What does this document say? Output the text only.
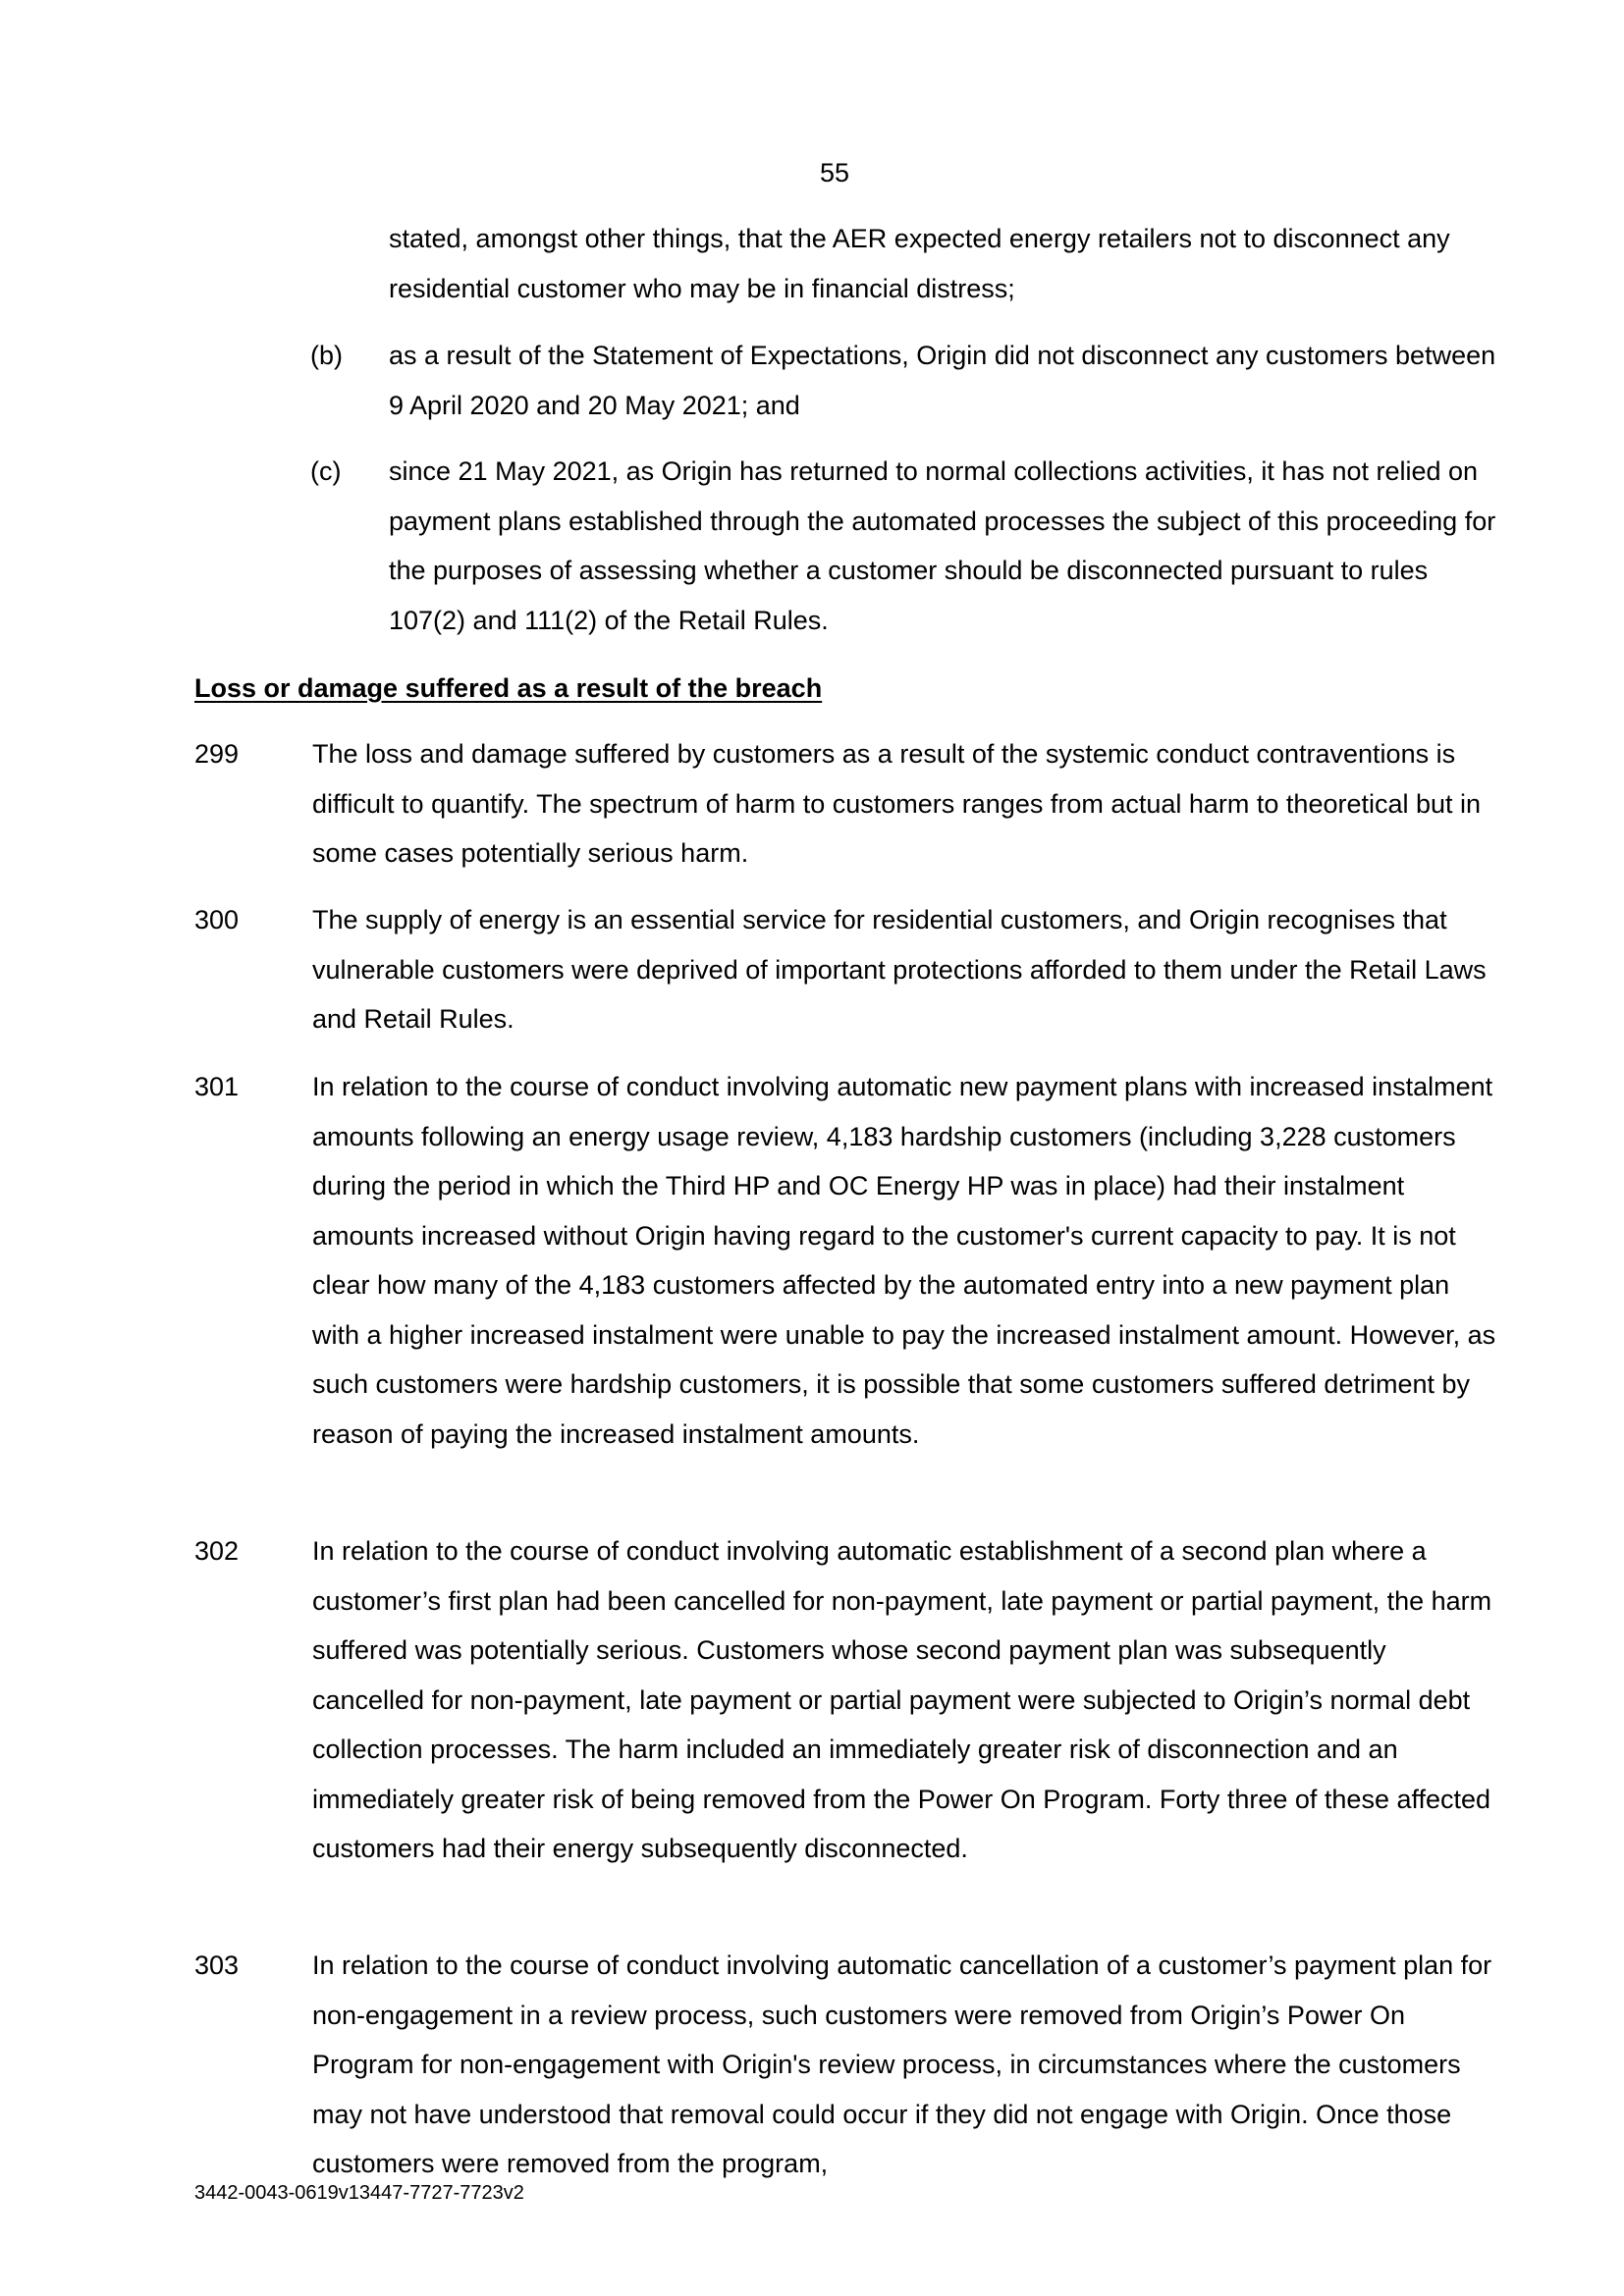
55
stated, amongst other things, that the AER expected energy retailers not to disconnect any residential customer who may be in financial distress;
(b) as a result of the Statement of Expectations, Origin did not disconnect any customers between 9 April 2020 and 20 May 2021; and
(c) since 21 May 2021, as Origin has returned to normal collections activities, it has not relied on payment plans established through the automated processes the subject of this proceeding for the purposes of assessing whether a customer should be disconnected pursuant to rules 107(2) and 111(2) of the Retail Rules.
Loss or damage suffered as a result of the breach
299	The loss and damage suffered by customers as a result of the systemic conduct contraventions is difficult to quantify. The spectrum of harm to customers ranges from actual harm to theoretical but in some cases potentially serious harm.
300	The supply of energy is an essential service for residential customers, and Origin recognises that vulnerable customers were deprived of important protections afforded to them under the Retail Laws and Retail Rules.
301	In relation to the course of conduct involving automatic new payment plans with increased instalment amounts following an energy usage review, 4,183 hardship customers (including 3,228 customers during the period in which the Third HP and OC Energy HP was in place) had their instalment amounts increased without Origin having regard to the customer's current capacity to pay. It is not clear how many of the 4,183 customers affected by the automated entry into a new payment plan with a higher increased instalment were unable to pay the increased instalment amount. However, as such customers were hardship customers, it is possible that some customers suffered detriment by reason of paying the increased instalment amounts.
302	In relation to the course of conduct involving automatic establishment of a second plan where a customer’s first plan had been cancelled for non-payment, late payment or partial payment, the harm suffered was potentially serious. Customers whose second payment plan was subsequently cancelled for non-payment, late payment or partial payment were subjected to Origin’s normal debt collection processes. The harm included an immediately greater risk of disconnection and an immediately greater risk of being removed from the Power On Program. Forty three of these affected customers had their energy subsequently disconnected.
303	In relation to the course of conduct involving automatic cancellation of a customer’s payment plan for non-engagement in a review process, such customers were removed from Origin’s Power On Program for non-engagement with Origin's review process, in circumstances where the customers may not have understood that removal could occur if they did not engage with Origin. Once those customers were removed from the program,
3442-0043-0619v13447-7727-7723v2
